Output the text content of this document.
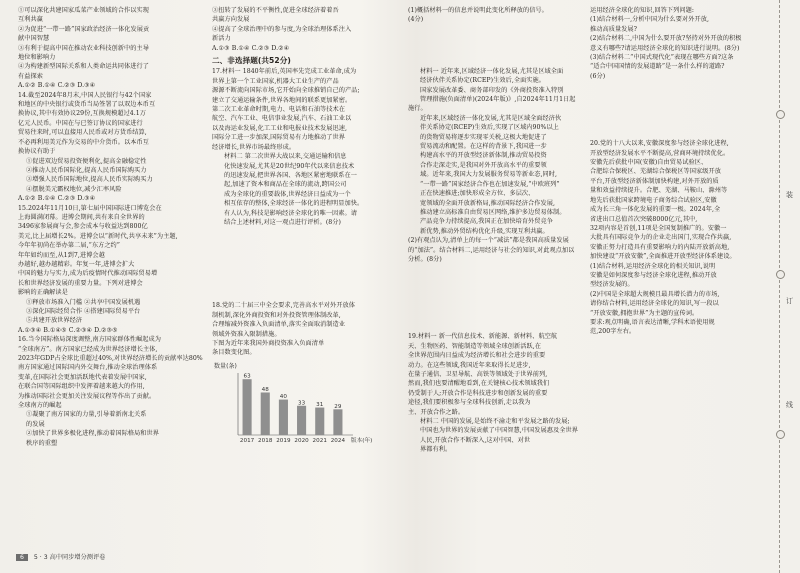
①可以深化共建国家瓜菜产业领域的合作以实现
互利共赢
②为促进“一带一路”国家政治经济一体化发展贡
献中国智慧
③有利于提高中国在推动农业科技创新中的主导
地位和影响力
④为构建新型国际关系和人类命运共同体进行了
有益探索
A.①② B.①④ C.②③ D.③④
14.截至2024年8月末,中国人民银行与42个国家
和地区的中央银行或货币当局签署了以双边本币互
换协议,其中有效协议29份,互换规模超过4.1万
亿元人民币。中国在与已签订协议的国家进行
贸易往来时,可以直接用人民币或对方货币结算,
不必再利用美元作为交易的中介货币。以本币互
换协议有助于
①促进双边贸易投资便利化,提高金融稳定性
②推动人民币国际化,提高人民币国际购买力
③增强人民币国际地位,提高人民币实际购买力
④摆脱美元霸权地位,减少汇率风险
A.①② B.①④ C.②③ D.③④
15.2024年11月10日,第七届中国国际进口博览会在
上海圆满闭幕。进博会期间,共有来自全世界的
3496家参展商与会,参会成本与收益达到800亿
美元,比上届增长2%。进博会以“新时代,共享未来”为主题,
今年年初尚在举办第二届,“东方之约”
年年如约而至,从1到7,进博会越
办越好,越办越精彩。年复一年,进博会扩大
中国的魅力与实力,成为后疫情时代推动国际贸易增
长和世界经济发展的重要力量。下列对进博会
影响的正确解读是
①释放市场准入门槛 ②共享中国发展机遇
③深化国际经贸合作 ④搭建国际贸易平台
⑤共建开放世界经济
A.①③④ B.①④⑤ C.②③④ D.②③⑤
16.当今国际格局深度调整,南方国家群体性崛起成为
“全球南方”。南方国家已经成为世界经济增长主体,
2023年GDP占全球比重超过40%,对世界经济增长的贡献率达80%
南方国家通过国际国内外交舞台,推动全球治理体系
变革,在国际社会更加活跃地代表着发展中国家,
在联合国等国际组织中发挥着越来越大的作用,
为推动国际社会更加关注发展议程等作出了贡献。
全球南方的崛起
①凝聚了南方国家的力量,引导着新南北关系
的发展
②加快了世界多极化进程,推动着国际格局和世界
秩序的重塑
③扭转了发展的不平衡性,促进全球经济着着吾
共赢方向发展
④提高了全球治理中的参与度,为全球治理体系注入
新活力
A.①③ B.①④ C.②③ D.②④
二、非选择题(共52分)
17.材料一 1840年前后,英国率先完成工业革命,成为
世界上第一个工业国家,机器大工业生产的产品
源源不断流向国际市场,它开始向全球推销自己的产品;
建立了交通运输条件,世界各地间的联系更加紧密。
第二次工业革命时期,电力、电话和石油等技术在
航空、汽车工业、电信事业发展,汽车、石油工业以
以及海运业发展,化工工业和电报业技术发展迅速,
国际分工进一步加深,国际贸易有力地推动了世界
经济增长,世界市场最终形成。
材料二 第二次世界大战以来,交通运输和信息
化快速发展,尤其是20世纪90年代以来信息技术
的迅速发展,把世界各国、各地区紧密地联系在一
起,加速了资本和商品在全球的流动,跨国公司
成为全球化的重要载体,世界经济日益成为一个
相互依存的整体,全球经济一体化的进程明显加快。
有人认为,科技是影响经济全球化的唯一因素。请
结合上述材料,对这一观点进行评析。(8分)
18.党的二十届三中全会要求,完善高水平对外开放体
制机制,深化外商投资和对外投资管理体制改革,
合理缩减外资准入负面清单,落实全面取消制造业
领域外资准入限制措施。
下图为近年来我国外商投资准入负面清单
条目数变化图。
数量(条)
63
2017
48
2018
40
2019
33
2020
31
2021
29
2024 版本(年)
(1)概括材料一的信息并说明此变化所释放的信号。
(4分)
材料一 近年来,区域经济一体化发展,尤其是区域全面
经济伙伴关系协定(RCEP)生效后,全面实施。
国家发展改革委、商务部印发的《外商投资准入特别
管理措施(负面清单)(2024年版)》,自2024年11月1日起施行。
近年来,区域经济一体化发展,尤其是区域全面经济伙
伴关系协定(RCEP)生效后,实现了区域内90%以上
的货物贸易将逐步实现零关税,这极大地促进了
贸易流动和配置。在这样的背景下,我国进一步
构建高水平的开放型经济新体制,推动贸易投资
合作走深走实,是我国对外开放高水平的重要领
域。近年来,我国大力发展服务贸易等新业态,同时,
“一带一路”国家经济合作也在加速发展,“中欧班列”
正在快速推进;加快形成全方位、多层次、
宽领域的全面开放新格局,推动国际经济合作发展,
推动建立高标准自由贸易区网络,维护多边贸易体制。
产品竞争力持续提高,我国正在加快培育外贸竞争
新优势,推动外贸结构优化升级,实现互利共赢。
(2)有观点认为,清单上的每一个“减法”都是我国高质量发展的“加法”。结合材料二,运用经济与社会的知识,对此观点加以分析。(8分)
19.材料一 新一代信息技术、新能源、新材料、航空航
天、生物医药、智能制造等领域全球创新活跃,在
全世界范围内日益成为经济增长和社会进步的重要
动力。在这些领域,我国近年来取得长足进步,
在量子通信、卫星导航、高铁等领域处于世界前列,
然而,我们也要清醒地看到,在关键核心技术领域我们
仍受制于人;开放合作是科技进步和创新发展的重要
途径,我们要积极参与全球科技创新,走以我为
主、开放合作之路。
材料二 中国的发展,是始终不渝走和平发展之路的发展;
中国也为世界的发展贡献了中国智慧,中国发展惠及全世界
人民,开放合作不断深入,这对中国、对世
界都有利。
运用经济全球化的知识,回答下列问题:
(1)结合材料一,分析中国为什么要对外开放,
推动高质量发展?
(2)结合材料二,中国为什么要开放?坚持对外开放的积极
意义有哪些?请运用经济全球化的知识进行说明。(8分)
(3)结合材料二“中国式现代化”表现在哪些方面?这条
“适合中国国情的发展道路”是一条什么样的道路?
(6分)
20.党的十八大以来,安徽深度参与经济全球化进程,
开放型经济发展水平不断提高,营商环境持续优化。
安徽先后获批中国(安徽)自由贸易试验区、
合肥综合保税区、芜湖综合保税区等国家级开放
平台,开放型经济新体制加快构建,对外开放的质
量和效益持续提升。合肥、芜湖、马鞍山、滁州等
地先后获批国家跨境电子商务综合试验区,安徽
成为长三角一体化发展的重要一极。2024年,全
省进出口总值首次突破8000亿元,其中,
32项内容是首创,11项是全国复制推广的。安徽一
大批具有国际竞争力的企业走出国门,实现合作共赢,
安徽正努力打造具有重要影响力的内陆开放新高地,
加快建设“开放安徽”,全面推进开放型经济体系建设。
(1)结合材料,运用经济全球化的相关知识,说明
安徽是如何深度参与经济全球化进程,推动开放
型经济发展的。
(2)中国是全球超大规模且最具增长潜力的市场,
请你结合材料,运用经济全球化的知识,写一段以
“开放安徽,拥抱世界”为主题的宣传词。
要求:观点明确,语言表达清晰,学科术语使用规
范,200字左右。
装
订
线
6 5 · 3 高中同步增分测评卷
